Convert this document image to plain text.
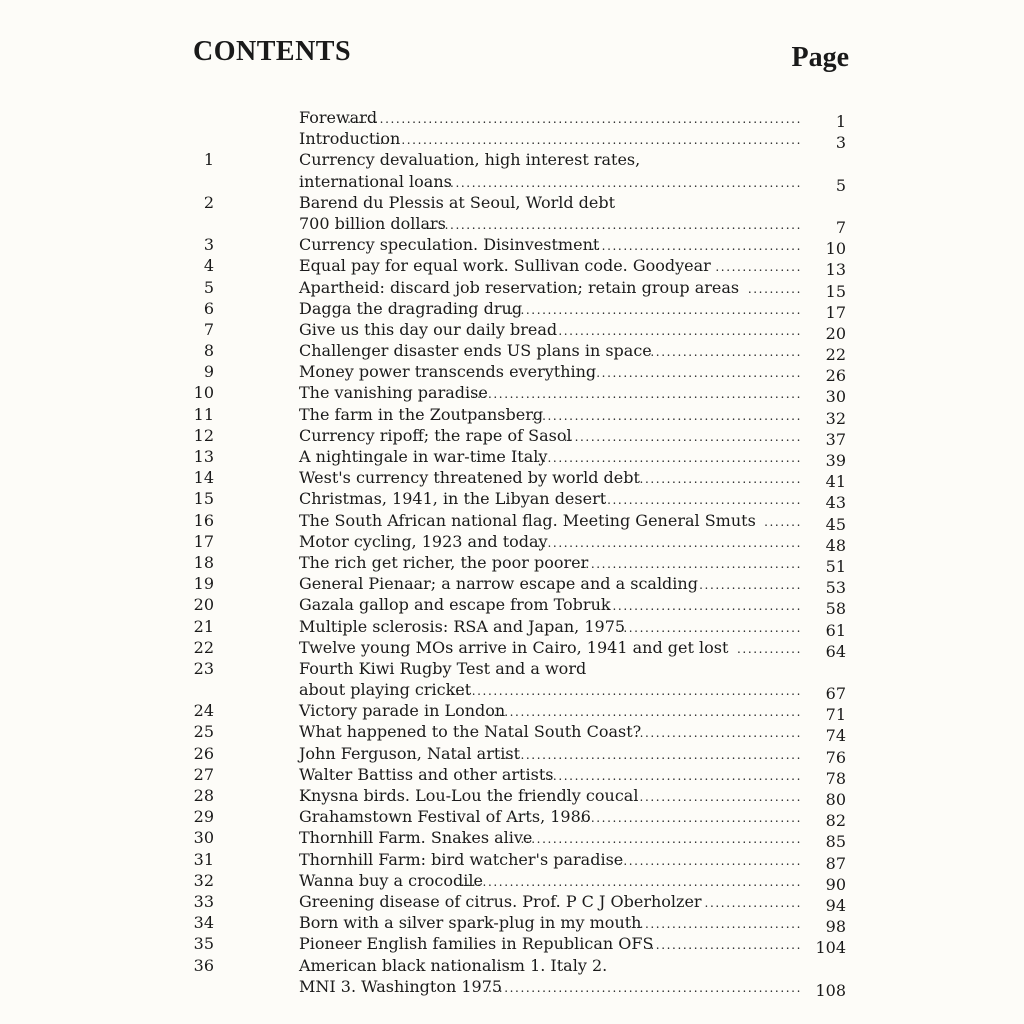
CONTENTS	Page
Foreward	1
....................................................................................
Introduction	3
...............................................................................
1	Currency devaluation, high interest rates,
international loans	5
.....................................................................
2	Barend du Plessis at Seoul, World debt
700 billion dollars	7
......................................................................
3	Currency speculation. Disinvestment	10
.......................................
4	Equal pay for equal work. Sullivan code. Goodyear	13
................
5	Apartheid: discard job reservation; retain group areas	15
..........
6	Dagga the dragrading drug	17
.......................................................
7	Give us this day our daily bread	20
...............................................
8	Challenger disaster ends US plans in space	22
............................
9	Money power transcends everything	26
.......................................
10	The vanishing paradise	30
..............................................................
11	The farm in the Zoutpansberg	32
..................................................
12	Currency ripoff; the rape of Sasol	37
............................................
13	A nightingale in war-time Italy	39
.................................................
14	West's currency threatened by world debt	41
...............................
15	Christmas, 1941, in the Libyan desert	43
.....................................
16	The South African national flag. Meeting General Smuts	45
.......
17	Motor cycling, 1923 and today	48
.................................................
18	The rich get richer, the poor poorer	51
.........................................
19	General Pienaar; a narrow escape and a scalding	53
...................
20	Gazala gallop and escape from Tobruk	58
.....................................
21	Multiple sclerosis: RSA and Japan, 1975	61
..................................
22	Twelve young MOs arrive in Cairo, 1941 and get lost	64
............
23	Fourth Kiwi Rugby Test and a word
about playing cricket	67
.................................................................
24	Victory parade in London	71
..........................................................
25	What happened to the Natal South Coast?	74
..............................
26	John Ferguson, Natal artist	76
.......................................................
27	Walter Battiss and other artists	78
................................................
28	Knysna birds. Lou-Lou the friendly coucal	80
...............................
29	Grahamstown Festival of Arts, 1986	82
.........................................
30	Thornhill Farm. Snakes alive	85
....................................................
31	Thornhill Farm: bird watcher's paradise	87
..................................
32	Wanna buy a crocodile	90
...............................................................
33	Greening disease of citrus. Prof. P C J Oberholzer	94
..................
34	Born with a silver spark-plug in my mouth	98
..............................
35	Pioneer English families in Republican OFS	104
............................
36	American black nationalism 1. Italy 2.
MNI 3. Washington 1975	108
...........................................................
